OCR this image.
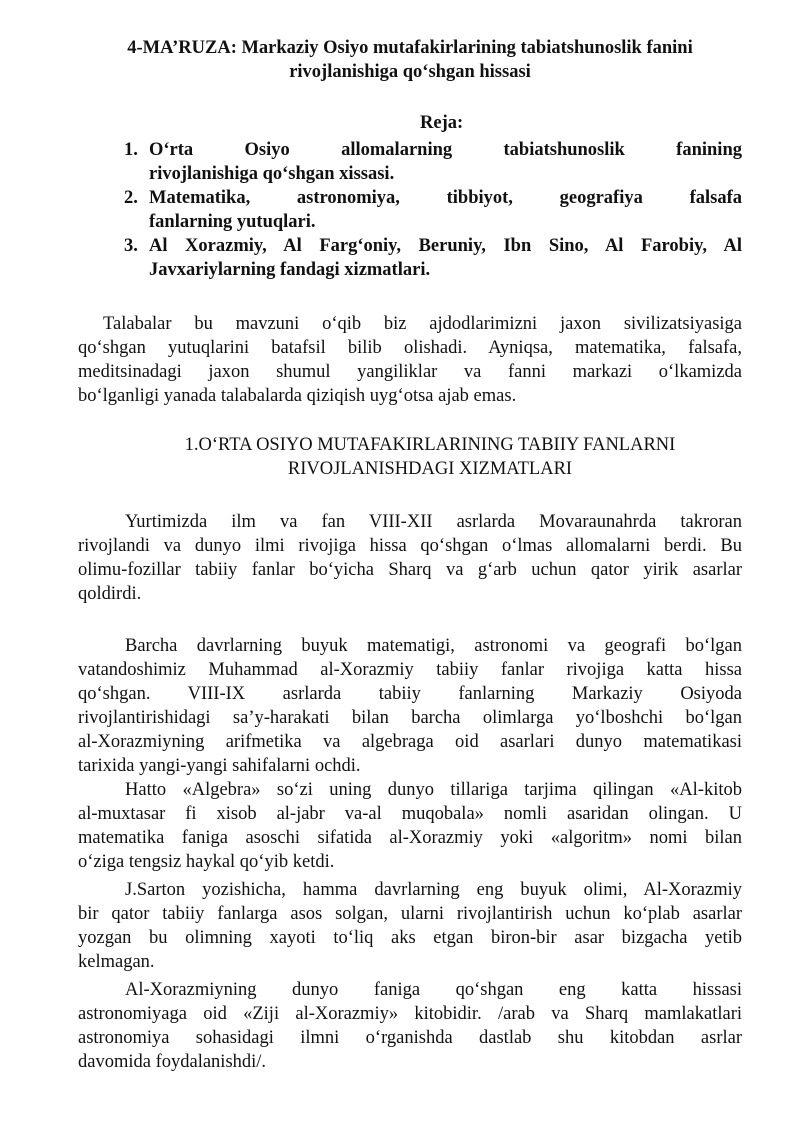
4-MA’RUZA: Markaziy Osiyo mutafakirlarining tabiatshunoslik fanini
rivojlanishiga qo‘shgan hissasi
Reja:
1. O‘rta Osiyo allomalarning tabiatshunoslik fanining
rivojlanishiga qo‘shgan xissasi.
2. Matematika, astronomiya, tibbiyot, geografiya falsafa
fanlarning yutuqlari.
3. Al Xorazmiy, Al Farg‘oniy, Beruniy, Ibn Sino, Al Farobiy, Al
Javxariylarning fandagi xizmatlari.
Talabalar bu mavzuni o‘qib biz ajdodlarimizni jaxon sivilizatsiyasiga
qo‘shgan yutuqlarini batafsil bilib olishadi. Ayniqsa, matematika, falsafa,
meditsinadagi jaxon shumul yangiliklar va fanni markazi o‘lkamizda
bo‘lganligi yanada talabalarda qiziqish uyg‘otsa ajab emas.
1.O‘RTA OSIYO MUTAFAKIRLARINING TABIIY FANLARNI
RIVOJLANISHDAGI XIZMATLARI
Yurtimizda ilm va fan VIII-XII asrlarda Movaraunahrda takroran
rivojlandi va dunyo ilmi rivojiga hissa qo‘shgan o‘lmas allomalarni berdi. Bu
olimu-fozillar tabiiy fanlar bo‘yicha Sharq va g‘arb uchun qator yirik asarlar
qoldirdi.
Barcha davrlarning buyuk matematigi, astronomi va geografi bo‘lgan
vatandoshimiz Muhammad al-Xorazmiy tabiiy fanlar rivojiga katta hissa
qo‘shgan. VIII-IX asrlarda tabiiy fanlarning Markaziy Osiyoda
rivojlantirishidagi sa’y-harakati bilan barcha olimlarga yo‘lboshchi bo‘lgan
al-Xorazmiyning arifmetika va algebraga oid asarlari dunyo matematikasi
tarixida yangi-yangi sahifalarni ochdi.
Hatto «Algebra» so‘zi uning dunyo tillariga tarjima qilingan «Al-kitob
al-muxtasar fi xisob al-jabr va-al muqobala» nomli asaridan olingan. U
matematika faniga asoschi sifatida al-Xorazmiy yoki «algoritm» nomi bilan
o‘ziga tengsiz haykal qo‘yib ketdi.
J.Sarton yozishicha, hamma davrlarning eng buyuk olimi, Al-Xorazmiy
bir qator tabiiy fanlarga asos solgan, ularni rivojlantirish uchun ko‘plab asarlar
yozgan bu olimning xayoti to‘liq aks etgan biron-bir asar bizgacha yetib
kelmagan.
Al-Xorazmiyning dunyo faniga qo‘shgan eng katta hissasi
astronomiyaga oid «Ziji al-Xorazmiy» kitobidir. /arab va Sharq mamlakatlari
astronomiya sohasidagi ilmni o‘rganishda dastlab shu kitobdan asrlar
davomida foydalanishdi/.
